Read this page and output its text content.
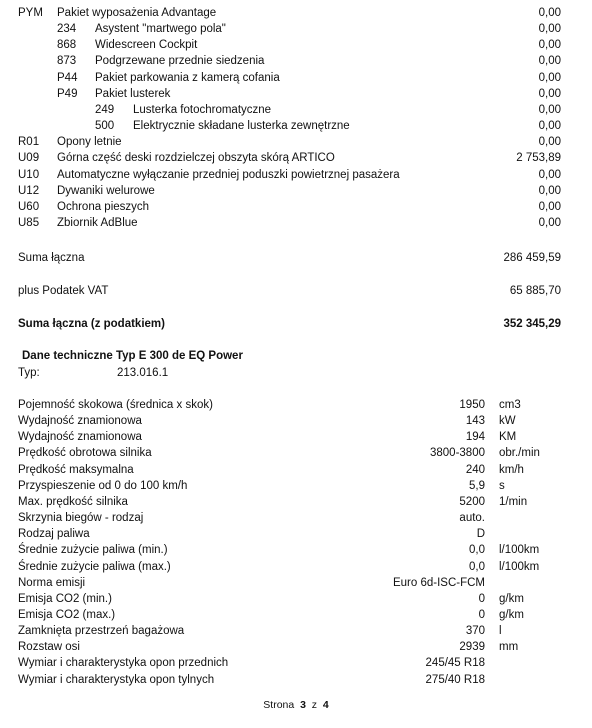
PYM Pakiet wyposażenia Advantage	0,00
234 Asystent "martwego pola"	0,00
868 Widescreen Cockpit	0,00
873 Podgrzewane przednie siedzenia	0,00
P44 Pakiet parkowania z kamerą cofania	0,00
P49 Pakiet lusterek	0,00
249 Lusterka fotochromatyczne	0,00
500 Elektrycznie składane lusterka zewnętrzne	0,00
R01 Opony letnie	0,00
U09 Górna część deski rozdzielczej obszyta skórą ARTICO	2 753,89
U10 Automatyczne wyłączanie przedniej poduszki powietrznej pasażera	0,00
U12 Dywaniki welurowe	0,00
U60 Ochrona pieszych	0,00
U85 Zbiornik AdBlue	0,00
Suma łączna	286 459,59
plus Podatek VAT	65 885,70
Suma łączna (z podatkiem)	352 345,29
Dane techniczne Typ E 300 de EQ Power
Typ:	213.016.1
Pojemność skokowa (średnica x skok)	1950 cm3
Wydajność znamionowa	143 kW
Wydajność znamionowa	194 KM
Prędkość obrotowa silnika	3800-3800 obr./min
Prędkość maksymalna	240 km/h
Przyspieszenie od 0 do 100 km/h	5,9 s
Max. prędkość silnika	5200 1/min
Skrzynia biegów - rodzaj	auto.
Rodzaj paliwa	D
Średnie zużycie paliwa (min.)	0,0 l/100km
Średnie zużycie paliwa (max.)	0,0 l/100km
Norma emisji	Euro 6d-ISC-FCM
Emisja CO2 (min.)	0 g/km
Emisja CO2 (max.)	0 g/km
Zamknięta przestrzeń bagażowa	370 l
Rozstaw osi	2939 mm
Wymiar i charakterystyka opon przednich	245/45 R18
Wymiar i charakterystyka opon tylnych	275/40 R18
Strona 3 z 4
